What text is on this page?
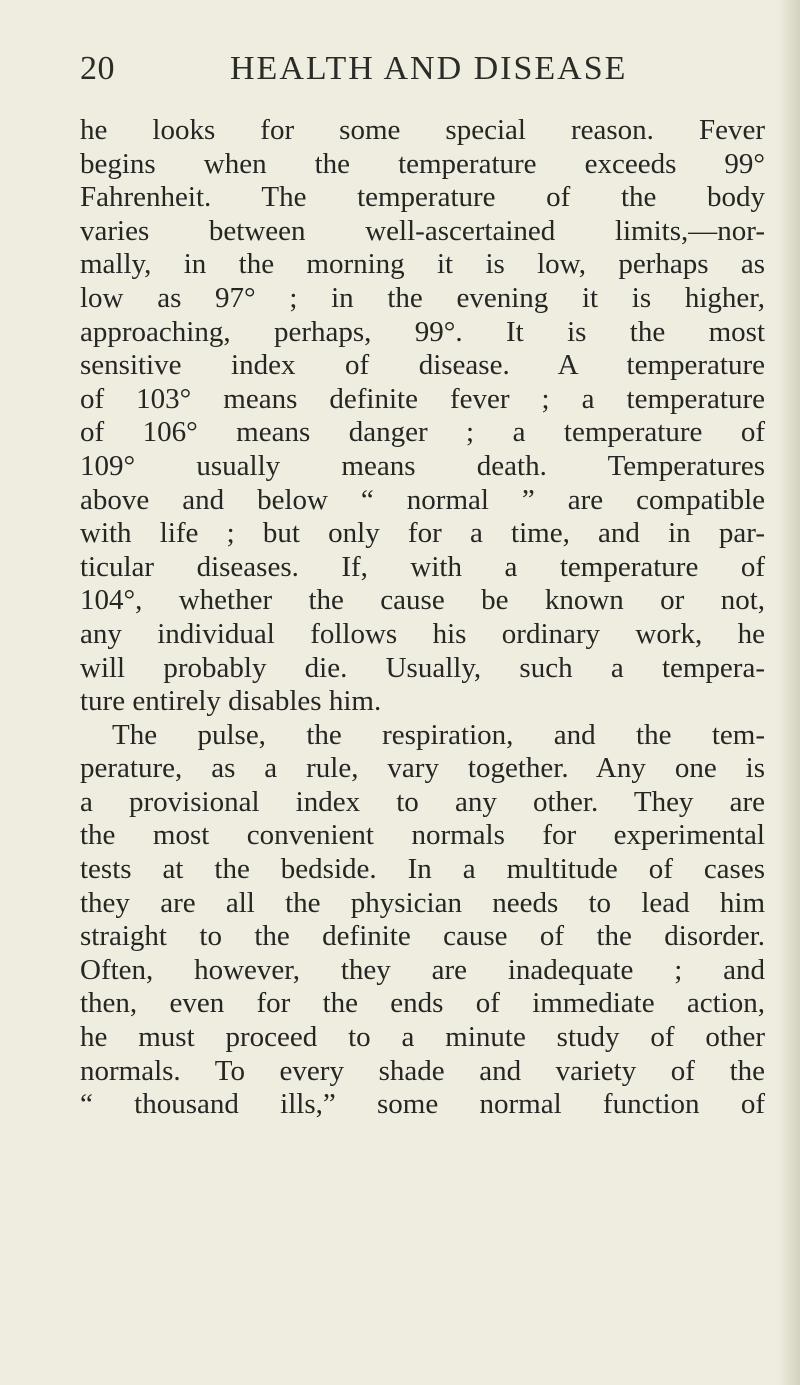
20	HEALTH AND DISEASE
he looks for some special reason. Fever
begins when the temperature exceeds 99°
Fahrenheit. The temperature of the body
varies between well-ascertained limits,—nor-
mally, in the morning it is low, perhaps as
low as 97° ; in the evening it is higher,
approaching, perhaps, 99°. It is the most
sensitive index of disease. A temperature
of 103° means definite fever ; a temperature
of 106° means danger ; a temperature of
109° usually means death. Temperatures
above and below “ normal ” are compatible
with life ; but only for a time, and in par-
ticular diseases. If, with a temperature of
104°, whether the cause be known or not,
any individual follows his ordinary work, he
will probably die. Usually, such a tempera-
ture entirely disables him.
The pulse, the respiration, and the tem-
perature, as a rule, vary together. Any one is
a provisional index to any other. They are
the most convenient normals for experimental
tests at the bedside. In a multitude of cases
they are all the physician needs to lead him
straight to the definite cause of the disorder.
Often, however, they are inadequate ; and
then, even for the ends of immediate action,
he must proceed to a minute study of other
normals. To every shade and variety of the
“ thousand ills,” some normal function of
